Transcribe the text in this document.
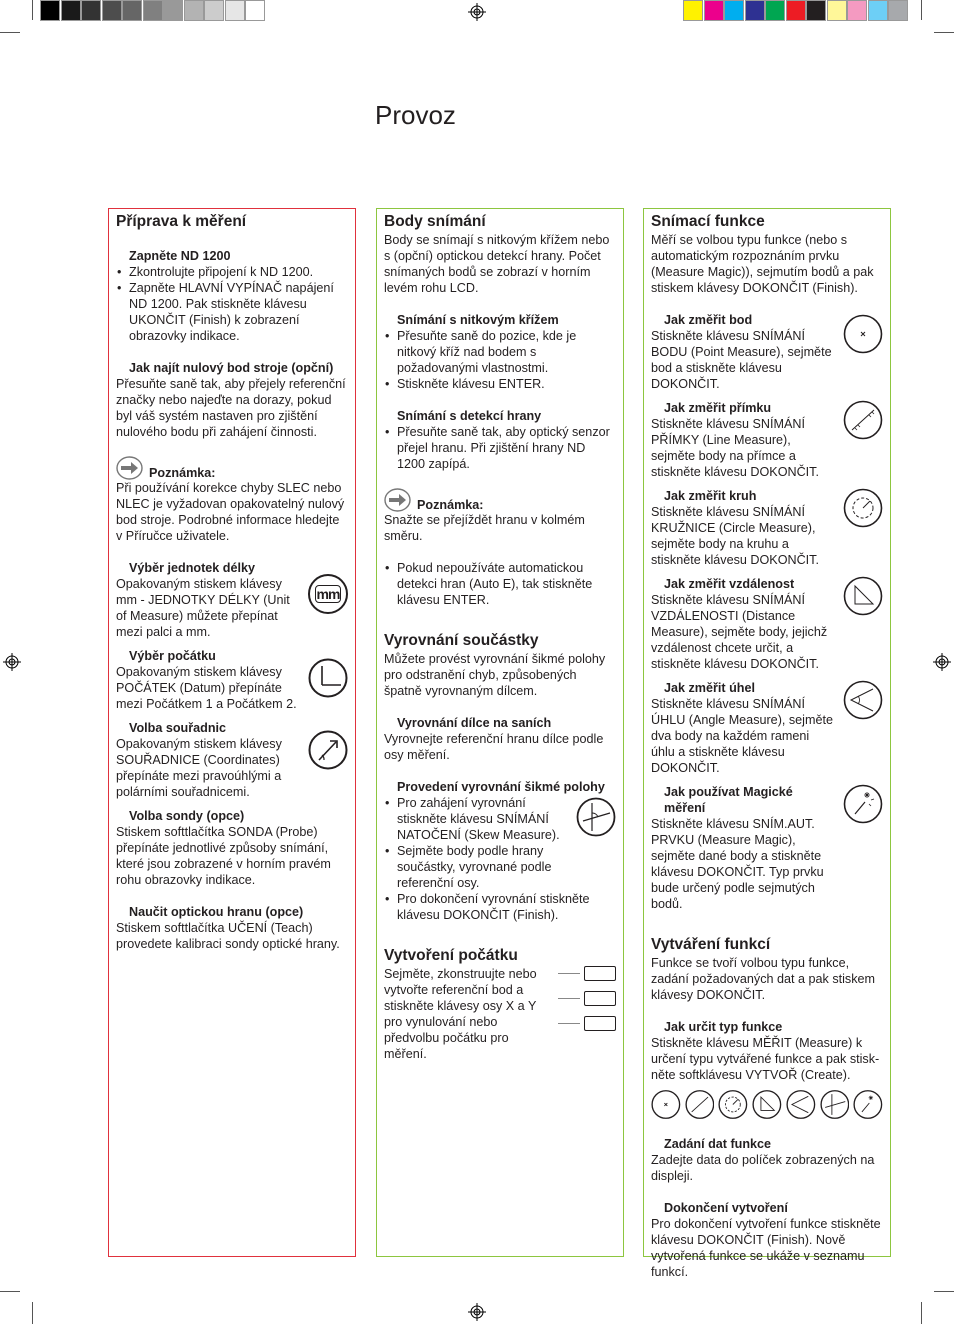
Provoz
Příprava k měření
Zapněte ND 1200
• Zkontrolujte připojení k ND 1200.
• Zapněte HLAVNÍ VYPÍNAČ napájení ND 1200. Pak stiskněte klávesu UKONČIT (Finish) k zobrazení obrazovky indikace.
Jak najít nulový bod stroje (opční)

Přesuňte saně tak, aby přejely referenční značky nebo najeďte na dorazy, pokud byl váš systém nastaven pro zjištění nulového bodu při zahájení činnosti.

Poznámka:

Při používání korekce chyby SLEC nebo NLEC je vyžadovan opakovatelný nulový bod stroje. Podrobné informace hledejte v Příručce uživatele.

Výběr jednotek délky

Opakovaným stiskem klávesy mm - JEDNOTKY DÉLKY (Unit of Measure) můžete přepínat mezi palci a mm.

mm
Výběr počátku

Opakovaným stiskem klávesy POČÁTEK (Datum) přepínáte mezi Počátkem 1 a Počátkem 2.

Volba souřadnic

Opakovaným stiskem klávesy SOUŘADNICE (Coordinates) přepínáte mezi pravoúhlými a polárními souřadnicemi.

Volba sondy (opce)

Stiskem softtlačítka SONDA (Probe) přepínáte jednotlivé způsoby snímání, které jsou zobrazené v horním pravém rohu obrazovky indikace.

Naučit optickou hranu (opce)

Stiskem softtlačítka UČENÍ (Teach) provedete kalibraci sondy optické hrany.

Body snímání

Body se snímají s nitkovým křížem nebo s (opční) optickou detekcí hrany. Počet snímaných bodů se zobrazí v horním levém rohu LCD.

Snímání s nitkovým křížem
• Přesuňte saně do pozice, kde je nitkový kříž nad bodem s požadovanými vlastnostmi.
• Stiskněte klávesu ENTER.
Snímání s detekcí hrany
• Přesuňte saně tak, aby optický senzor přejel hranu. Při zjištění hrany ND 1200 zapípá.
Poznámka:

Snažte se přejíždět hranu v kolmém směru.

• Pokud nepoužíváte automatickou detekci hran (Auto E), tak stiskněte klávesu ENTER.
Vyrovnání součástky

Můžete provést vyrovnání šikmé polohy pro odstranění chyb, způsobených špatně vyrovnaným dílcem.

Vyrovnání dílce na saních

Vyrovnejte referenční hranu dílce podle osy měření.

Provedení vyrovnání šikmé polohy
• Pro zahájení vyrovnání stiskněte klávesu SNÍMÁNÍ NATOČENÍ (Skew Measure).
• Sejměte body podle hrany součástky, vyrovnané podle referenční osy.
• Pro dokončení vyrovnání stiskněte klávesu DOKONČIT (Finish).
Vytvoření počátku

Sejměte, zkonstruujte nebo vytvořte referenční bod a stiskněte klávesy osy X a Y pro vynulování nebo předvolbu počátku pro měření.

Snímací funkce

Měří se volbou typu funkce (nebo s automatickým rozpoznáním prvku (Measure Magic)), sejmutím bodů a pak stiskem klávesy DOKONČIT (Finish).

Jak změřit bod

Stiskněte klávesu SNÍMÁNÍ BODU (Point Measure), sejměte bod a stiskněte klávesu DOKONČIT.

Jak změřit přímku

Stiskněte klávesu SNÍMÁNÍ PŘÍMKY (Line Measure), sejměte body na přímce a stiskněte klávesu DOKONČIT.

Jak změřit kruh

Stiskněte klávesu SNÍMÁNÍ KRUŽNICE (Circle Measure), sejměte body na kruhu a stiskněte klávesu DOKONČIT.

Jak změřit vzdálenost

Stiskněte klávesu SNÍMÁNÍ VZDÁLENOSTI (Distance Measure), sejměte body, jejichž vzdálenost chcete určit, a stiskněte klávesu DOKONČIT.

Jak změřit úhel

Stiskněte klávesu SNÍMÁNÍ ÚHLU (Angle Measure), sejměte dva body na každém rameni úhlu a stiskněte klávesu DOKONČIT.

Jak používat Magické měření

Stiskněte klávesu SNÍM.AUT. PRVKU (Measure Magic), sejměte dané body a stiskněte klávesu DOKONČIT. Typ prvku bude určený podle sejmutých bodů.

Vytváření funkcí

Funkce se tvoří volbou typu funkce, zadání požadovaných dat a pak stiskem klávesy DOKONČIT.

Jak určit typ funkce

Stiskněte klávesu MĚŘIT (Measure) k určení typu vytvářené funkce a pak stisk-něte softklávesu VYTVOŘ (Create).

Zadání dat funkce

Zadejte data do políček zobrazených na displeji.

Dokončení vytvoření

Pro dokončení vytvoření funkce stiskněte klávesu DOKONČIT (Finish). Nově vytvořená funkce se ukáže v seznamu funkcí.
